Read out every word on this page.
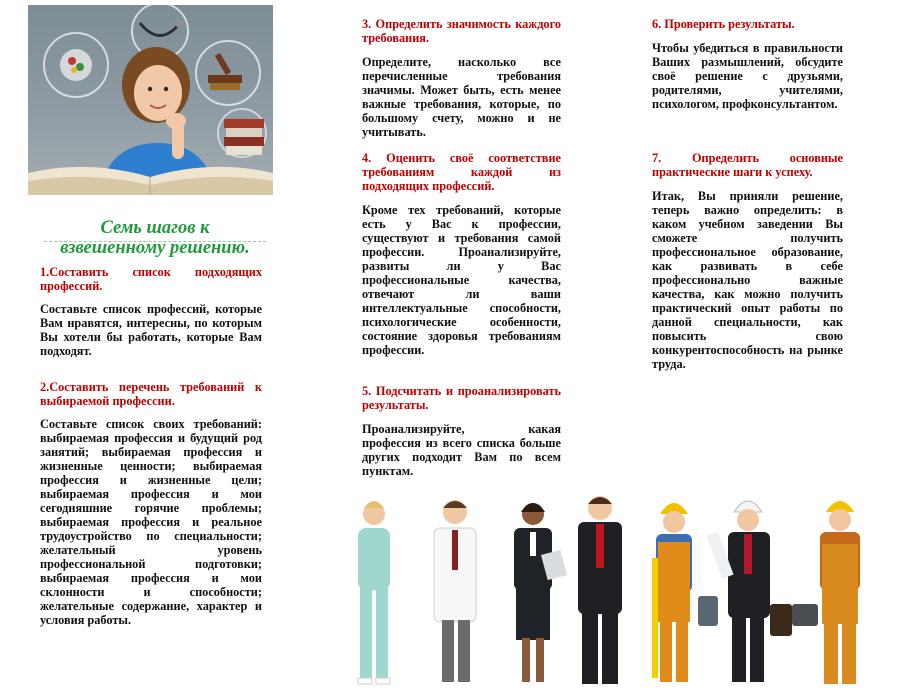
Семь шагов к
взвешенному решению.
1.Составить список подходящих профессий.
Составьте список профессий, которые Вам нравятся, интересны, по которым Вы хотели бы работать, которые Вам подходят.
2.Составить перечень требований к выбираемой профессии.
Составьте список своих требований: выбираемая профессия и будущий род занятий; выбираемая профессия и жизненные ценности; выбираемая профессия и жизненные цели; выбираемая профессия и мои сегодняшние горячие проблемы; выбираемая профессия и реальное трудоустройство по специальности; желательный уровень профессиональной подготовки; выбираемая профессия и мои склонности и способности; желательные содержание, характер и условия работы.
3. Определить значимость каждого требования.
Определите, насколько все перечисленные требования значимы. Может быть, есть менее важные требования, которые, по большому счету, можно и не учитывать.
4. Оценить своё соответствие требованиям каждой из подходящих профессий.
Кроме тех требований, которые есть у Вас к профессии, существуют и требования самой профессии. Проанализируйте, развиты ли у Вас профессиональные качества, отвечают ли ваши интеллектуальные способности, психологические особенности, состояние здоровья требованиям профессии.
5. Подсчитать и проанализировать результаты.
Проанализируйте, какая профессия из всего списка больше других подходит Вам по всем пунктам.
6. Проверить результаты.
Чтобы убедиться в правильности Ваших размышлений, обсудите своё решение с друзьями, родителями, учителями, психологом, профконсультантом.
7. Определить основные практические шаги к успеху.
Итак, Вы приняли решение, теперь важно определить: в каком учебном заведении Вы сможете получить профессиональное образование, как развивать в себе профессионально важные качества, как можно получить практический опыт работы по данной специальности, как повысить свою конкурентоспособность на рынке труда.
